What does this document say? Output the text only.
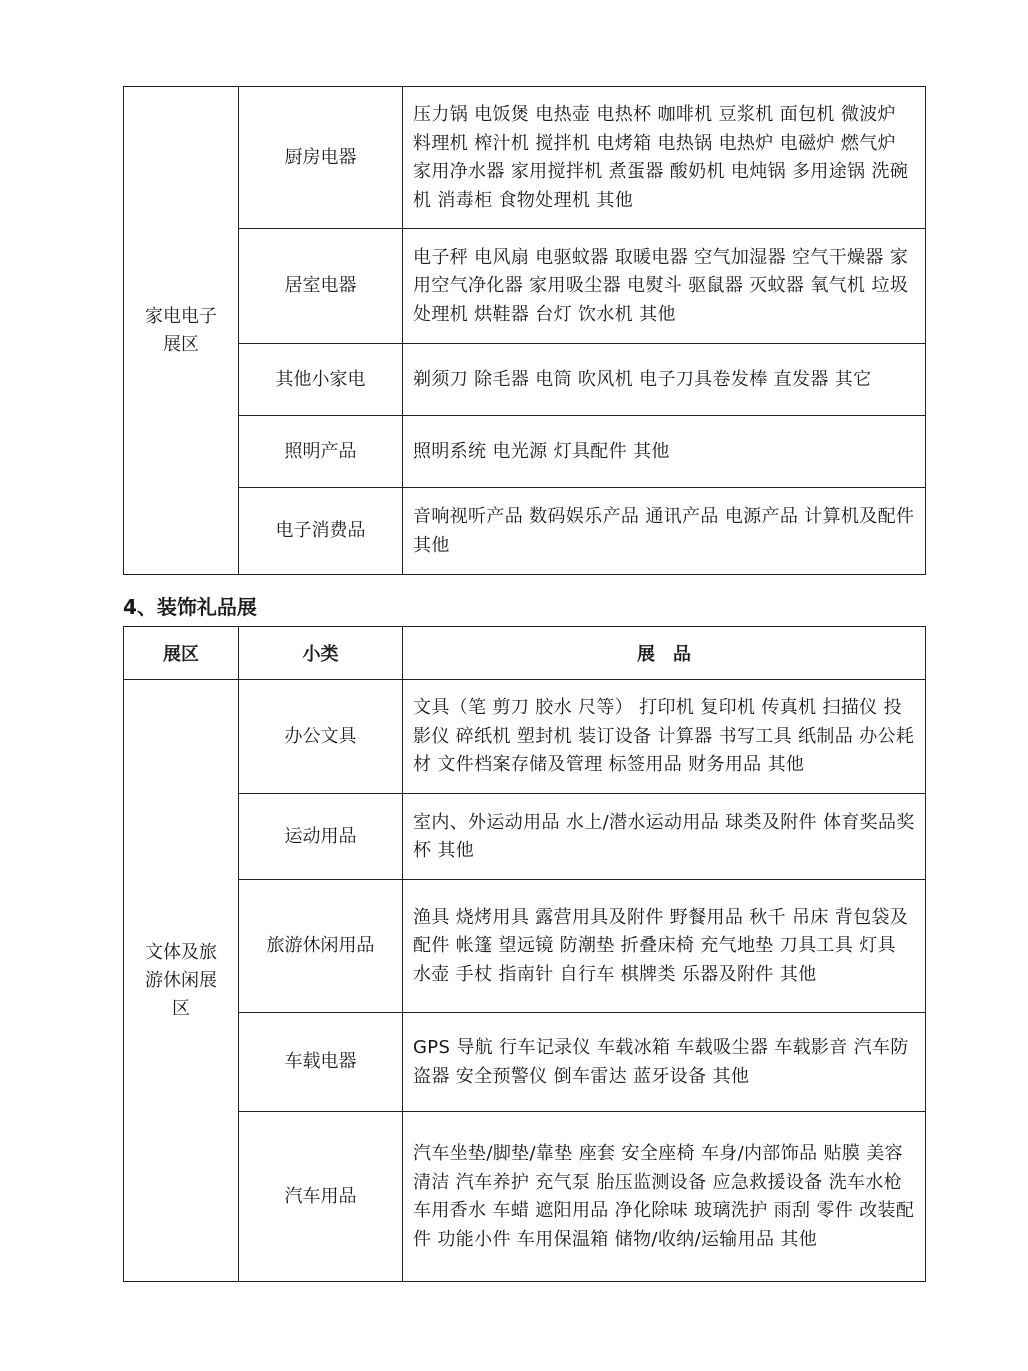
家电电子展区	厨房电器	压力锅 电饭煲 电热壶 电热杯 咖啡机 豆浆机 面包机 微波炉 料理机 榨汁机 搅拌机 电烤箱 电热锅 电热炉 电磁炉 燃气炉 家用净水器 家用搅拌机 煮蛋器 酸奶机 电炖锅 多用途锅 洗碗机 消毒柜 食物处理机 其他
	居室电器	电子秤 电风扇 电驱蚊器 取暖电器 空气加湿器 空气干燥器 家用空气净化器 家用吸尘器 电熨斗 驱鼠器 灭蚊器 氧气机 垃圾处理机 烘鞋器 台灯 饮水机 其他
	其他小家电	剃须刀 除毛器 电筒 吹风机 电子刀具卷发棒 直发器 其它
	照明产品	照明系统 电光源 灯具配件 其他
	电子消费品	音响视听产品 数码娱乐产品 通讯产品 电源产品 计算机及配件 其他
4、装饰礼品展
展区	小类	展　品
文体及旅游休闲展区	办公文具	文具（笔 剪刀 胶水 尺等） 打印机 复印机 传真机 扫描仪 投影仪 碎纸机 塑封机 装订设备 计算器 书写工具 纸制品 办公耗材 文件档案存储及管理 标签用品 财务用品 其他
	运动用品	室内、外运动用品 水上/潜水运动用品 球类及附件 体育奖品奖杯 其他
	旅游休闲用品	渔具 烧烤用具 露营用具及附件 野餐用品 秋千 吊床 背包袋及配件 帐篷 望远镜 防潮垫 折叠床椅 充气地垫 刀具工具 灯具 水壶 手杖 指南针 自行车 棋牌类 乐器及附件 其他
	车载电器	GPS 导航 行车记录仪 车载冰箱 车载吸尘器 车载影音 汽车防盗器 安全预警仪 倒车雷达 蓝牙设备 其他
	汽车用品	汽车坐垫/脚垫/靠垫 座套 安全座椅 车身/内部饰品 贴膜 美容清洁 汽车养护 充气泵 胎压监测设备 应急救援设备 洗车水枪 车用香水 车蜡 遮阳用品 净化除味 玻璃洗护 雨刮 零件 改装配件 功能小件 车用保温箱 储物/收纳/运输用品 其他
